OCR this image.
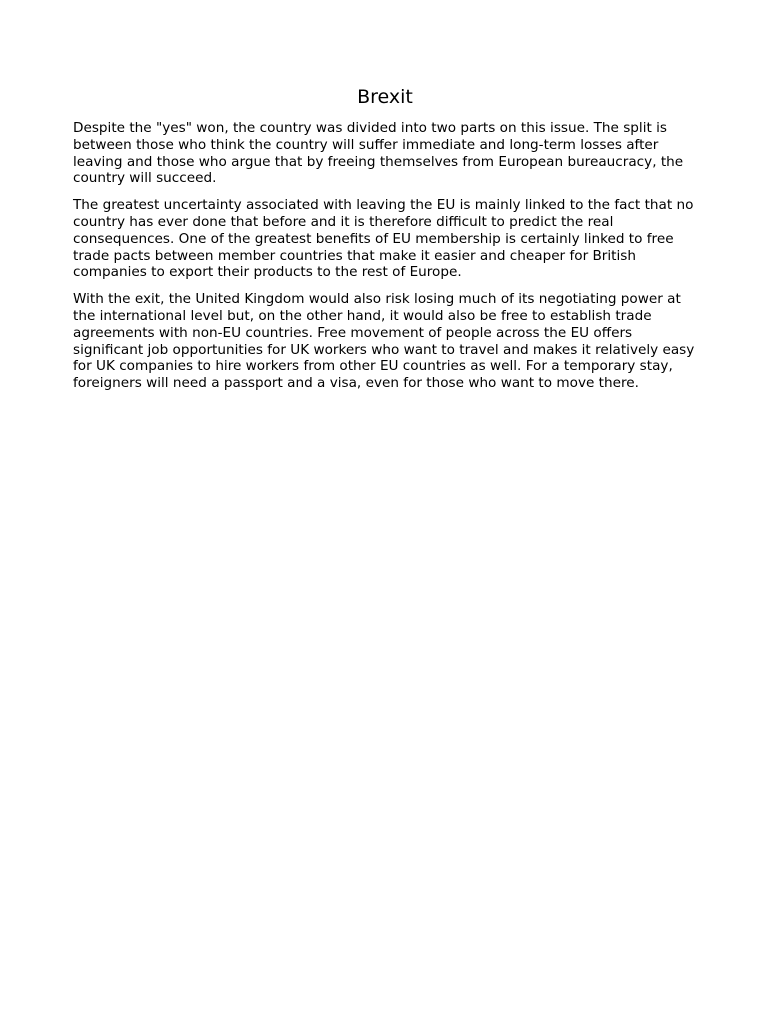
Brexit

Despite the "yes" won, the country was divided into two parts on this issue. The split is between those who think the country will suffer immediate and long-term losses after leaving and those who argue that by freeing themselves from European bureaucracy, the country will succeed.

The greatest uncertainty associated with leaving the EU is mainly linked to the fact that no country has ever done that before and it is therefore difficult to predict the real consequences. One of the greatest benefits of EU membership is certainly linked to free trade pacts between member countries that make it easier and cheaper for British companies to export their products to the rest of Europe.

With the exit, the United Kingdom would also risk losing much of its negotiating power at the international level but, on the other hand, it would also be free to establish trade agreements with non-EU countries. Free movement of people across the EU offers significant job opportunities for UK workers who want to travel and makes it relatively easy for UK companies to hire workers from other EU countries as well. For a temporary stay, foreigners will need a passport and a visa, even for those who want to move there.
